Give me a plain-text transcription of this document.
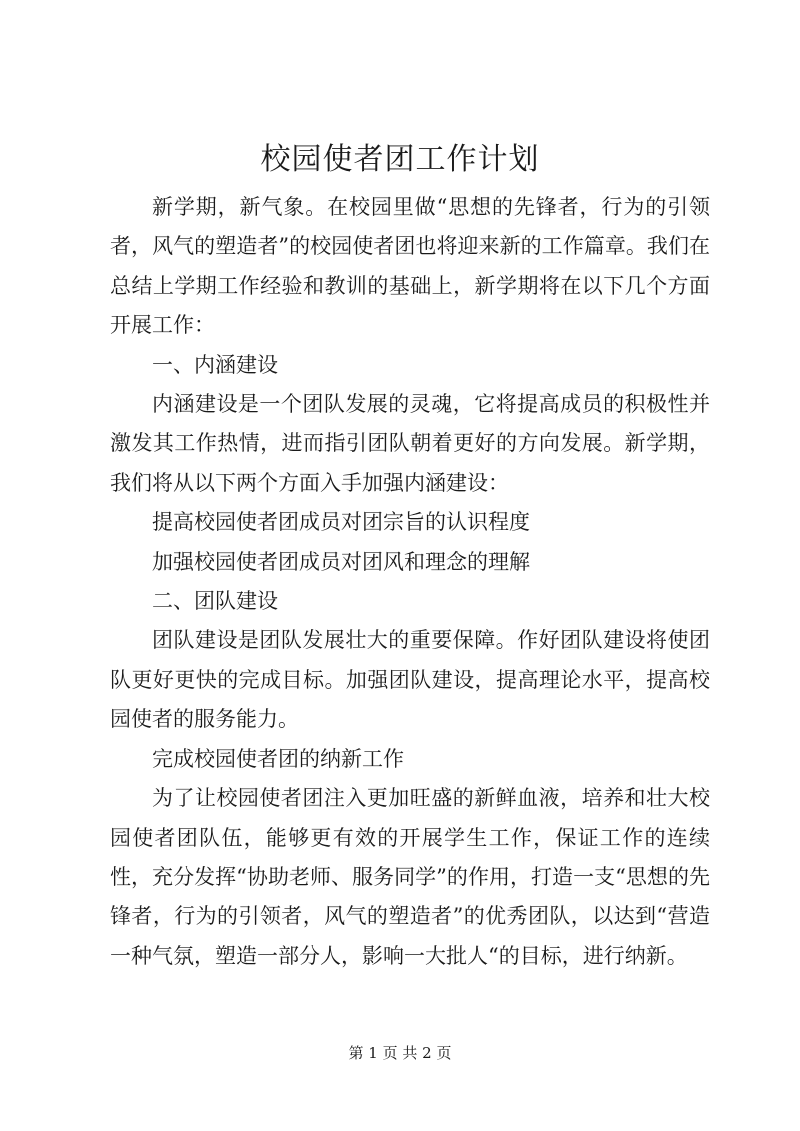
校园使者团工作计划

新学期，新气象。在校园里做“思想的先锋者，行为的引领者，风气的塑造者”的校园使者团也将迎来新的工作篇章。我们在总结上学期工作经验和教训的基础上，新学期将在以下几个方面开展工作：

一、内涵建设

内涵建设是一个团队发展的灵魂，它将提高成员的积极性并激发其工作热情，进而指引团队朝着更好的方向发展。新学期，我们将从以下两个方面入手加强内涵建设：

提高校园使者团成员对团宗旨的认识程度

加强校园使者团成员对团风和理念的理解

二、团队建设

团队建设是团队发展壮大的重要保障。作好团队建设将使团队更好更快的完成目标。加强团队建设，提高理论水平，提高校园使者的服务能力。

完成校园使者团的纳新工作

为了让校园使者团注入更加旺盛的新鲜血液，培养和壮大校园使者团队伍，能够更有效的开展学生工作，保证工作的连续性，充分发挥“协助老师、服务同学”的作用，打造一支“思想的先锋者，行为的引领者，风气的塑造者”的优秀团队，以达到“营造一种气氛，塑造一部分人，影响一大批人“的目标，进行纳新。

第 1 页 共 2 页
